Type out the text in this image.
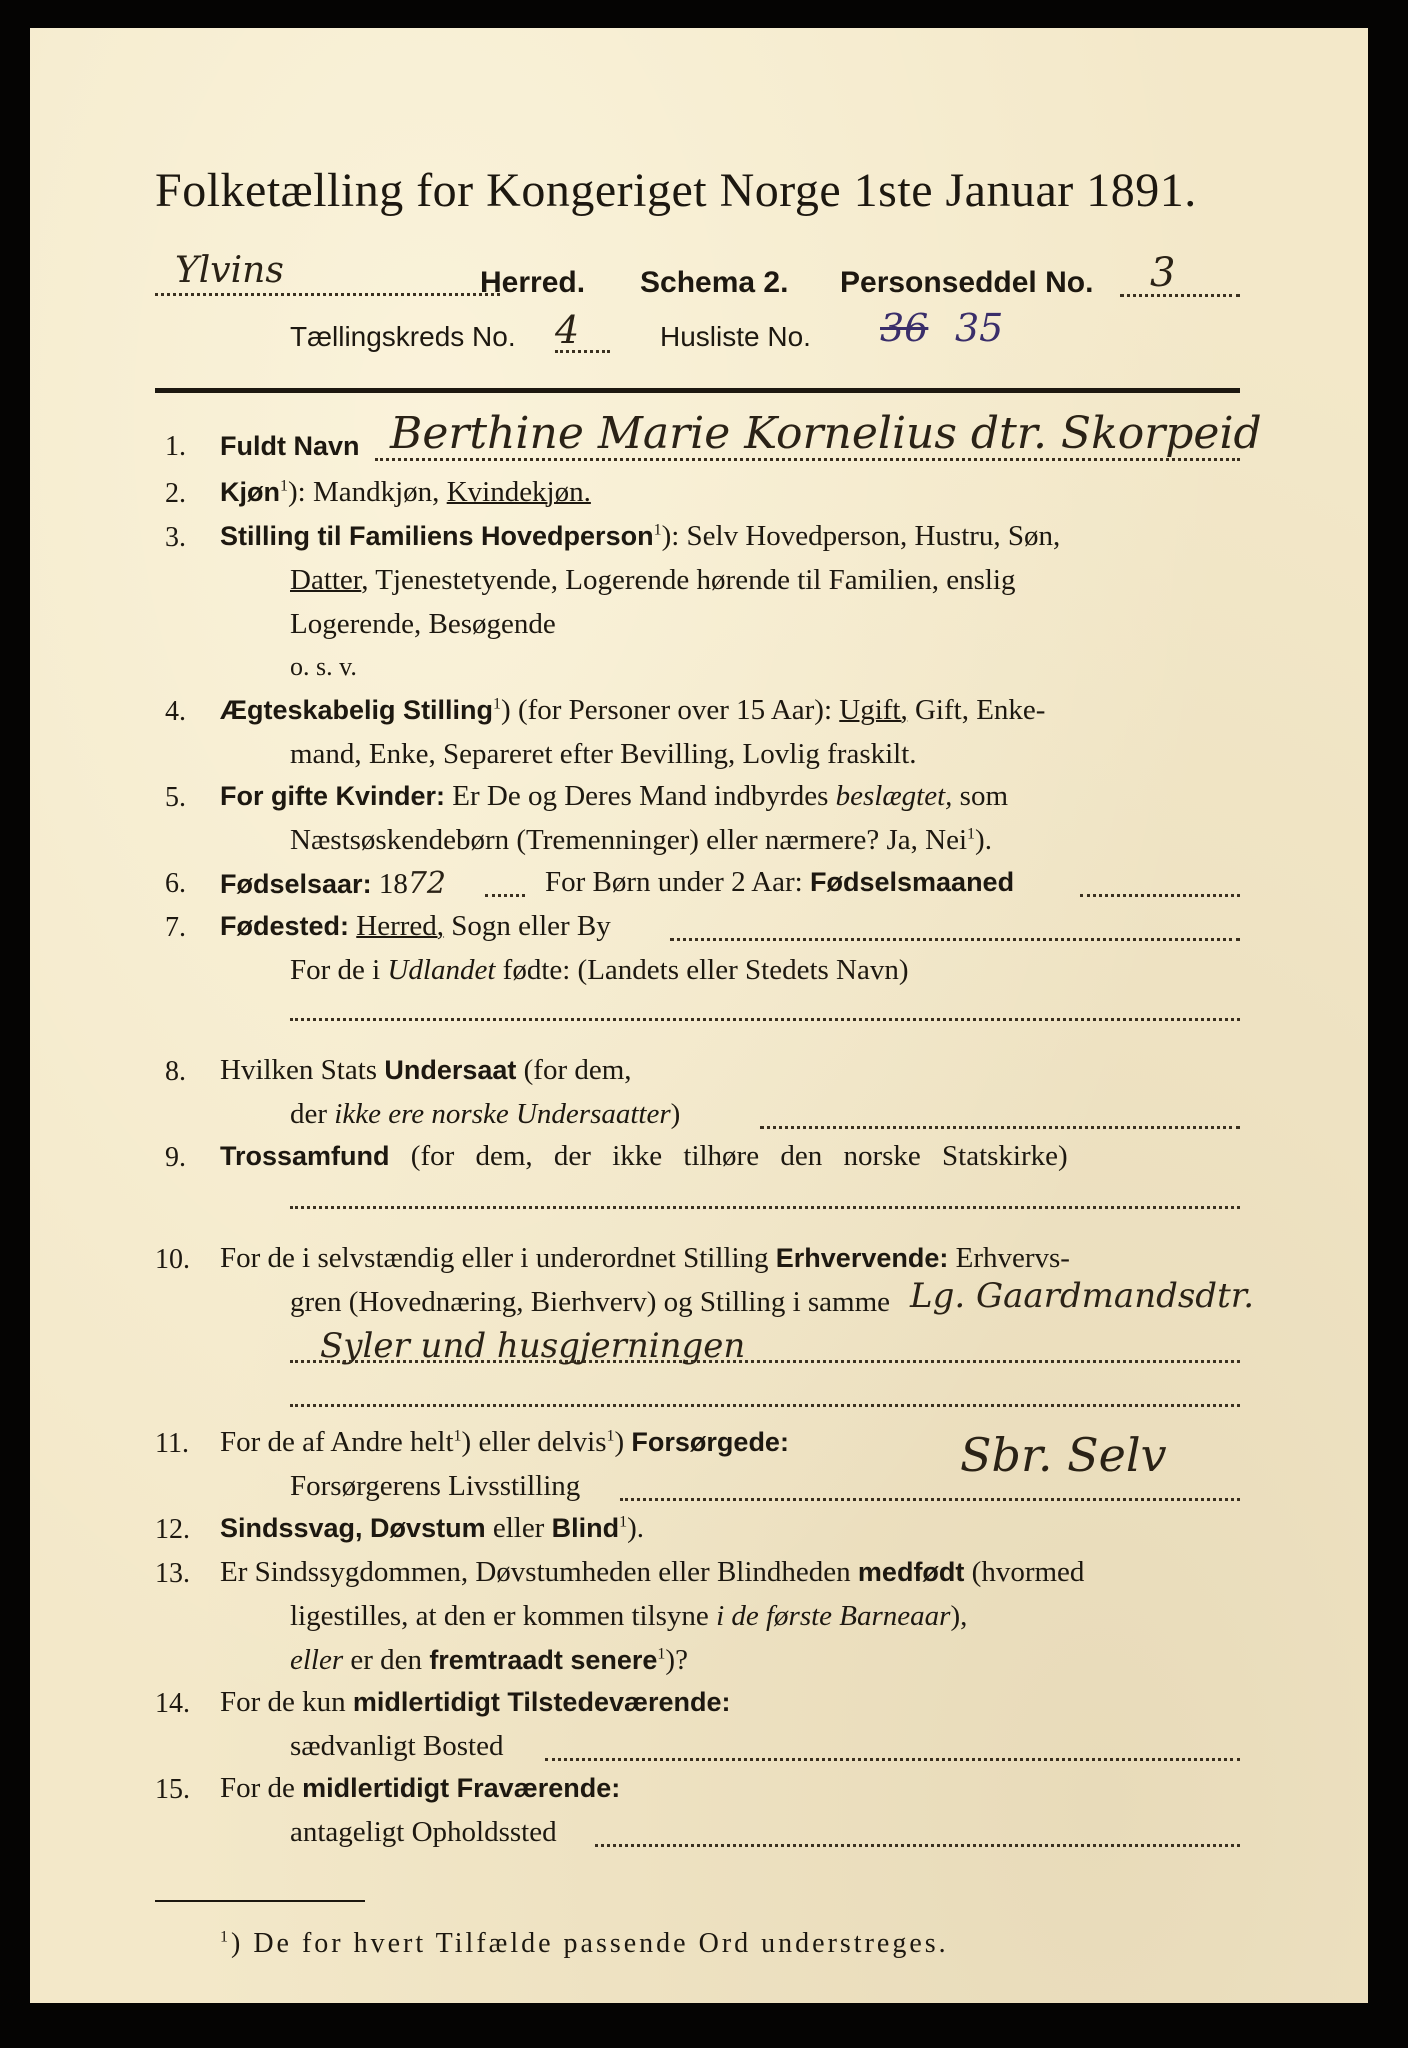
Folketælling for Kongeriget Norge 1ste Januar 1891.
Ylvins	Herred. Schema 2. Personseddel No. 3
Tællingskreds No. 4	Husliste No. 36 35
1. Fuldt Navn Berthine Marie Kornelius dtr. Skorpeid
2. Kjøn$^1$): Mandkjøn, Kvindekjøn.
3. Stilling til Familiens Hovedperson$^1$): Selv Hovedperson, Hustru, Søn,
Datter, Tjenestetyende, Logerende hørende til Familien, enslig
Logerende, Besøgende
o. s. v.
4. Ægteskabelig Stilling$^1$) (for Personer over 15 Aar): Ugift, Gift, Enke-
mand, Enke, Separeret efter Bevilling, Lovlig fraskilt.
5. For gifte Kvinder: Er De og Deres Mand indbyrdes beslægtet, som
Næstsøskendebørn (Tremenninger) eller nærmere? Ja, Nei$^1$).
6. Fødselsaar: 1872	For Børn under 2 Aar: Fødselsmaaned
7. Fødested: Herred, Sogn eller By
For de i Udlandet fødte: (Landets eller Stedets Navn)
8. Hvilken Stats Undersaat (for dem,
der ikke ere norske Undersaatter)
9. Trossamfund (for dem, der ikke tilhøre den norske Statskirke)
10. For de i selvstændig eller i underordnet Stilling Erhvervende: Erhvervs-
gren (Hovednæring, Bierhverv) og Stilling i samme Lg. Gaardmandsdtr.
Syler und husgjerningen
11. For de af Andre helt$^1$) eller delvis$^1$) Forsørgede:
Forsørgerens Livsstilling
Sbr. Selv
12. Sindssvag, Døvstum eller Blind$^1$).
13. Er Sindssygdommen, Døvstumheden eller Blindheden medfødt (hvormed
ligestilles, at den er kommen tilsyne i de første Barneaar),
eller er den fremtraadt senere$^1$)?
14. For de kun midlertidigt Tilstedeværende:
sædvanligt Bosted
15. For de midlertidigt Fraværende:
antageligt Opholdssted
$^1$) De for hvert Tilfælde passende Ord understreges.
